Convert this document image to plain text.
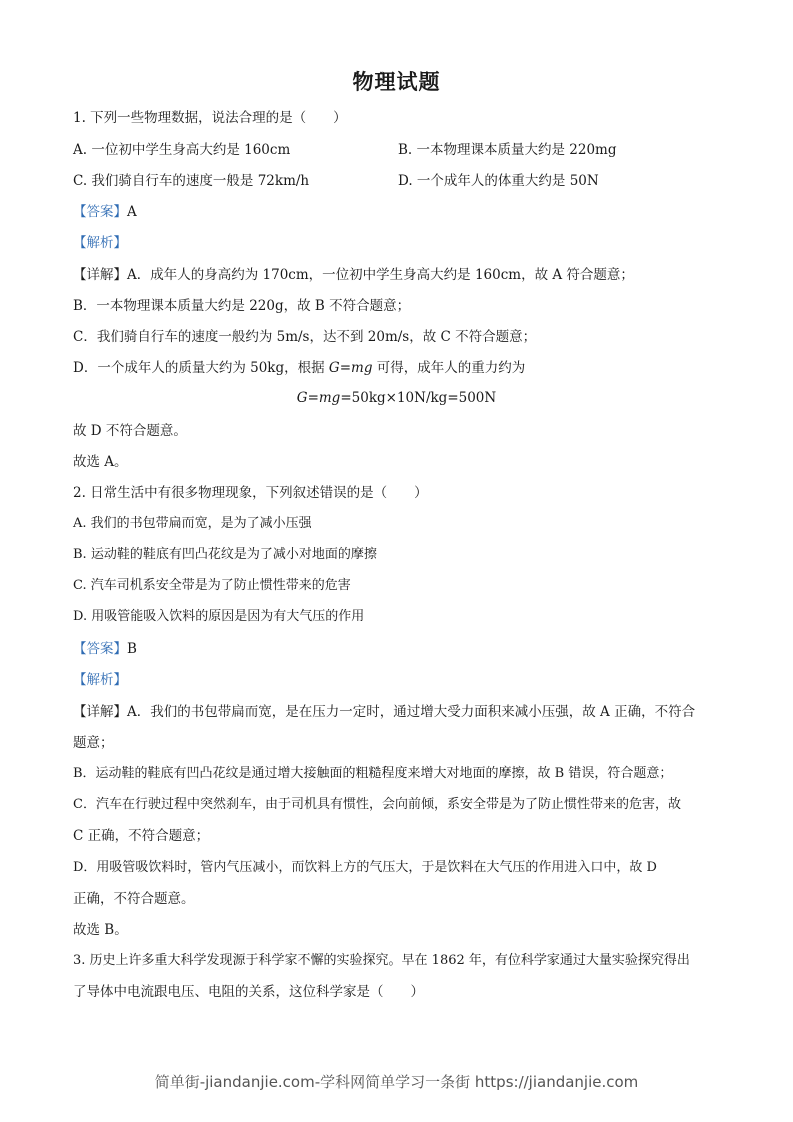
物理试题
1. 下列一些物理数据，说法合理的是（　　）
A. 一位初中学生身高大约是 160cm	B. 一本物理课本质量大约是 220mg
C. 我们骑自行车的速度一般是 72km/h	D. 一个成年人的体重大约是 50N
【答案】A
【解析】
【详解】A．成年人的身高约为 170cm，一位初中学生身高大约是 160cm，故 A 符合题意；
B．一本物理课本质量大约是 220g，故 B 不符合题意；
C．我们骑自行车的速度一般约为 5m/s，达不到 20m/s，故 C 不符合题意；
D．一个成年人的质量大约为 50kg，根据 G=mg 可得，成年人的重力约为
G=mg=50kg×10N/kg=500N
故 D 不符合题意。
故选 A。
2. 日常生活中有很多物理现象，下列叙述错误的是（　　）
A. 我们的书包带扁而宽，是为了减小压强
B. 运动鞋的鞋底有凹凸花纹是为了减小对地面的摩擦
C. 汽车司机系安全带是为了防止惯性带来的危害
D. 用吸管能吸入饮料的原因是因为有大气压的作用
【答案】B
【解析】
【详解】A．我们的书包带扁而宽，是在压力一定时，通过增大受力面积来减小压强，故 A 正确，不符合
题意；
B．运动鞋的鞋底有凹凸花纹是通过增大接触面的粗糙程度来增大对地面的摩擦，故 B 错误，符合题意；
C．汽车在行驶过程中突然刹车，由于司机具有惯性，会向前倾，系安全带是为了防止惯性带来的危害，故
C 正确，不符合题意；
D．用吸管吸饮料时，管内气压减小，而饮料上方的气压大，于是饮料在大气压的作用进入口中，故 D
正确，不符合题意。
故选 B。
3. 历史上许多重大科学发现源于科学家不懈的实验探究。早在 1862 年，有位科学家通过大量实验探究得出
了导体中电流跟电压、电阻的关系，这位科学家是（　　）
简单街-jiandanjie.com-学科网简单学习一条街 https://jiandanjie.com
